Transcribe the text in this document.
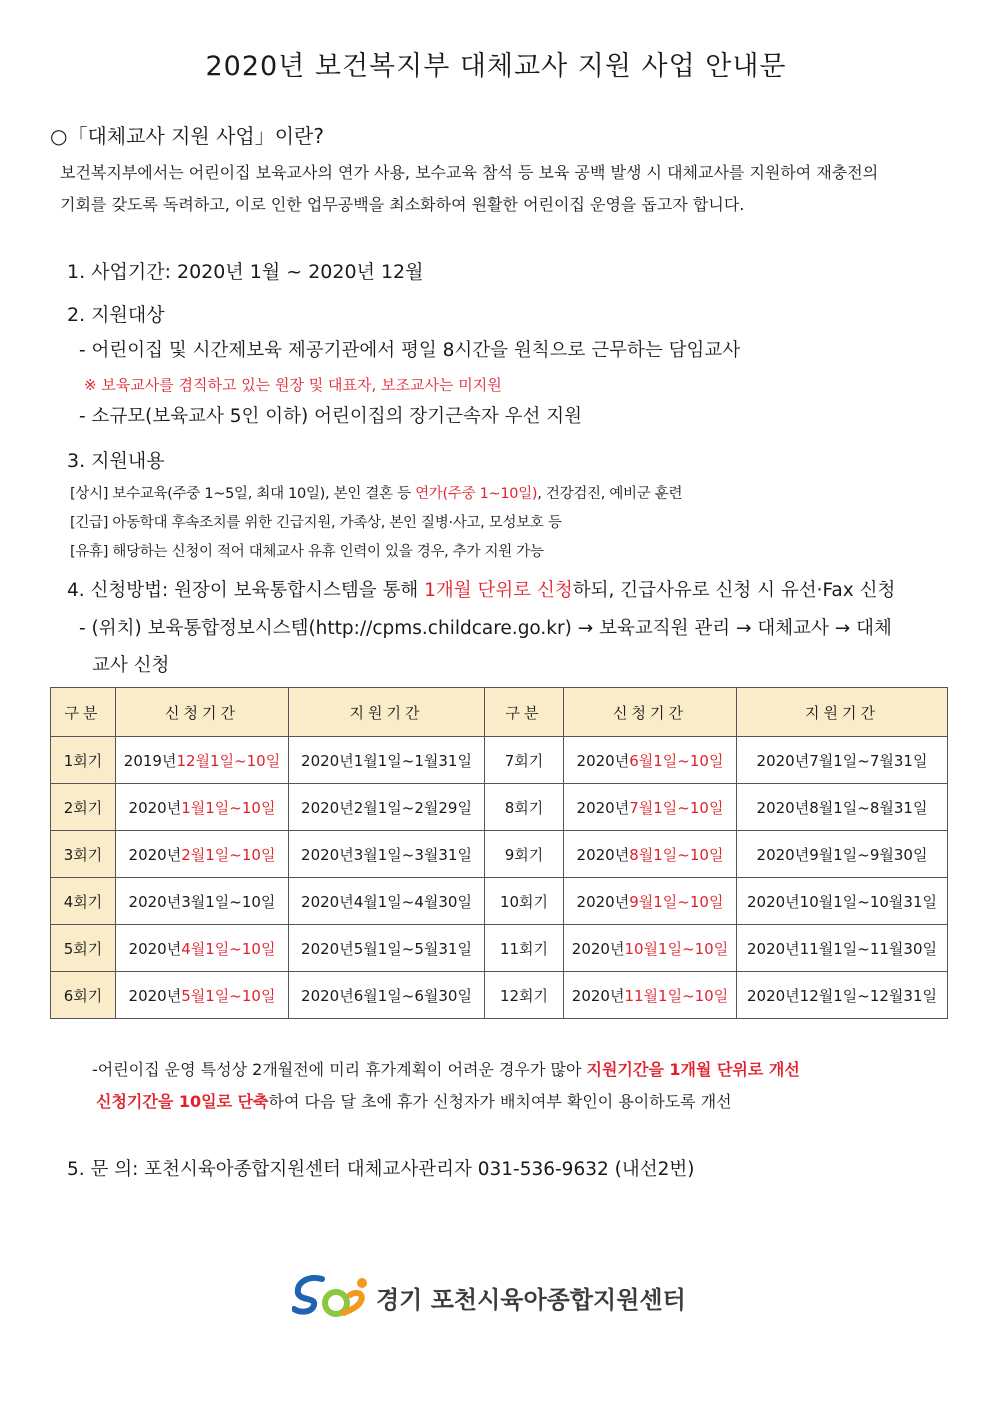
2020년 보건복지부 대체교사 지원 사업 안내문
○「대체교사 지원 사업」이란?
보건복지부에서는 어린이집 보육교사의 연가 사용, 보수교육 참석 등 보육 공백 발생 시 대체교사를 지원하여 재충전의
기회를 갖도록 독려하고, 이로 인한 업무공백을 최소화하여 원활한 어린이집 운영을 돕고자 합니다.
1. 사업기간: 2020년 1월 ~ 2020년 12월
2. 지원대상
- 어린이집 및 시간제보육 제공기관에서 평일 8시간을 원칙으로 근무하는 담임교사
※ 보육교사를 겸직하고 있는 원장 및 대표자, 보조교사는 미지원
- 소규모(보육교사 5인 이하) 어린이집의 장기근속자 우선 지원
3. 지원내용
[상시] 보수교육(주중 1~5일, 최대 10일), 본인 결혼 등 연가(주중 1~10일), 건강검진, 예비군 훈련
[긴급] 아동학대 후속조치를 위한 긴급지원, 가족상, 본인 질병·사고, 모성보호 등
[유휴] 해당하는 신청이 적어 대체교사 유휴 인력이 있을 경우, 추가 지원 가능
4. 신청방법: 원장이 보육통합시스템을 통해 1개월 단위로 신청하되, 긴급사유로 신청 시 유선·Fax 신청
- (위치) 보육통합정보시스템(http://cpms.childcare.go.kr) → 보육교직원 관리 → 대체교사 → 대체
교사 신청
구분	신청기간	지원기간	구분	신청기간	지원기간
1회기	2019년12월1일~10일	2020년1월1일~1월31일	7회기	2020년6월1일~10일	2020년7월1일~7월31일
2회기	2020년1월1일~10일	2020년2월1일~2월29일	8회기	2020년7월1일~10일	2020년8월1일~8월31일
3회기	2020년2월1일~10일	2020년3월1일~3월31일	9회기	2020년8월1일~10일	2020년9월1일~9월30일
4회기	2020년3월1일~10일	2020년4월1일~4월30일	10회기	2020년9월1일~10일	2020년10월1일~10월31일
5회기	2020년4월1일~10일	2020년5월1일~5월31일	11회기	2020년10월1일~10일	2020년11월1일~11월30일
6회기	2020년5월1일~10일	2020년6월1일~6월30일	12회기	2020년11월1일~10일	2020년12월1일~12월31일
-어린이집 운영 특성상 2개월전에 미리 휴가계획이 어려운 경우가 많아 지원기간을 1개월 단위로 개선
신청기간을 10일로 단축하여 다음 달 초에 휴가 신청자가 배치여부 확인이 용이하도록 개선
5. 문 의: 포천시육아종합지원센터 대체교사관리자 031-536-9632 (내선2번)
경기 포천시육아종합지원센터
